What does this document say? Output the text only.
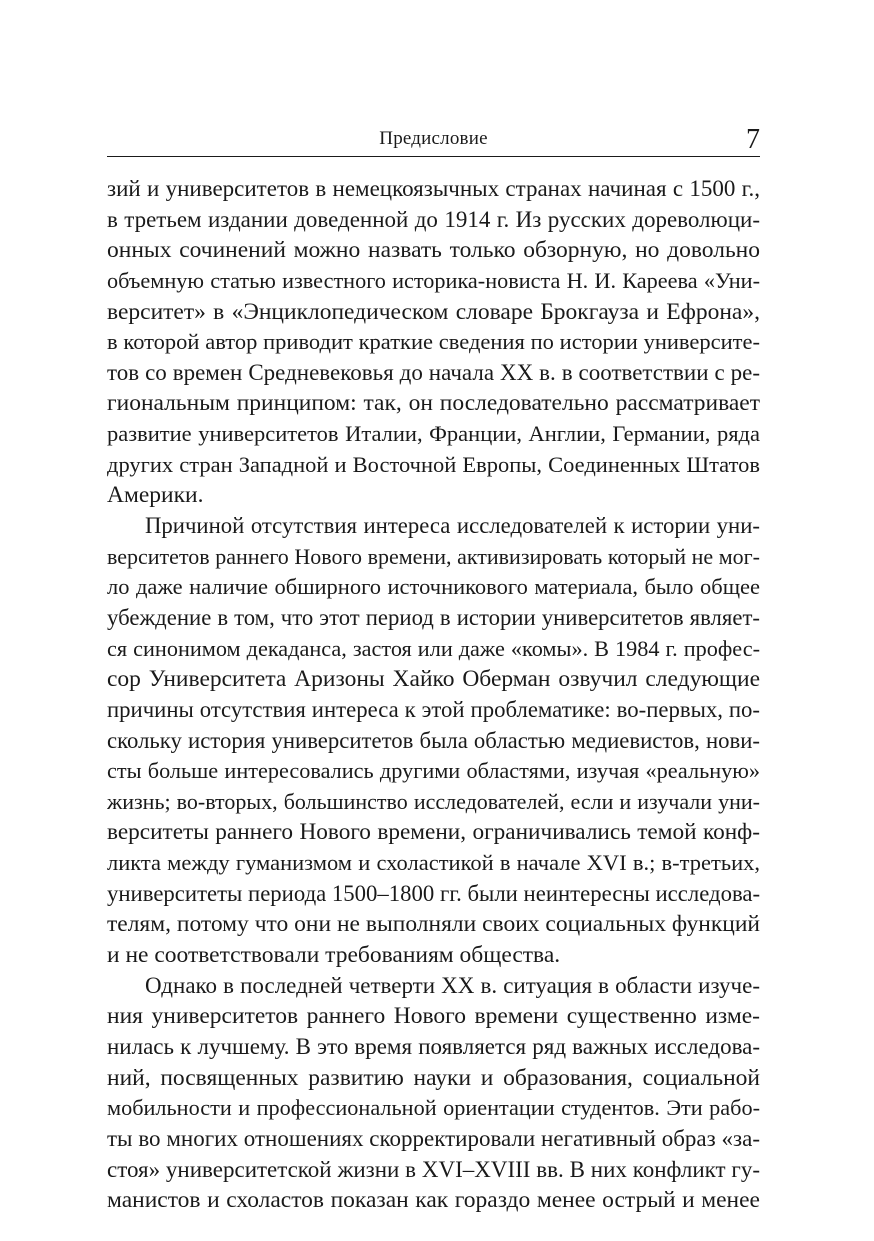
Предисловие	7
зий и университетов в немецкоязычных странах начиная с 1500 г.,
в третьем издании доведенной до 1914 г. Из русских дореволюци-
онных сочинений можно назвать только обзорную, но довольно
объемную статью известного историка-нoвиста Н. И. Кареева «Уни-
верситет» в «Энциклопедическом словаре Брокгауза и Ефрона»,
в которой автор приводит краткие сведения по истории университе-
тов со времен Средневековья до начала XX в. в соответствии с ре-
гиональным принципом: так, он последовательно рассматривает
развитие университетов Италии, Франции, Англии, Германии, ряда
других стран Западной и Восточной Европы, Соединенных Штатов
Америки.
Причиной отсутствия интереса исследователей к истории уни-
верситетов раннего Нового времени, активизировать который не мог-
ло даже наличие обширного источникового материала, было общее
убеждение в том, что этот период в истории университетов являет-
ся синонимом декаданса, застоя или даже «комы». В 1984 г. профес-
сор Университета Аризоны Хайко Оберман озвучил следующие
причины отсутствия интереса к этой проблематике: во-первых, по-
скольку история университетов была областью медиевистов, нови-
сты больше интересовались другими областями, изучая «реальную»
жизнь; во-вторых, большинство исследователей, если и изучали уни-
верситеты раннего Нового времени, ограничивались темой конф-
ликта между гуманизмом и схоластикой в начале XVI в.; в-третьих,
университеты периода 1500–1800 гг. были неинтересны исследова-
телям, потому что они не выполняли своих социальных функций
и не соответствовали требованиям общества.
Однако в последней четверти XX в. ситуация в области изуче-
ния университетов раннего Нового времени существенно изме-
нилась к лучшему. В это время появляется ряд важных исследова-
ний, посвященных развитию науки и образования, социальной
мобильности и профессиональной ориентации студентов. Эти рабо-
ты во многих отношениях скорректировали негативный образ «за-
стоя» университетской жизни в XVI–XVIII вв. В них конфликт гу-
манистов и схоластов показан как гораздо менее острый и менее
